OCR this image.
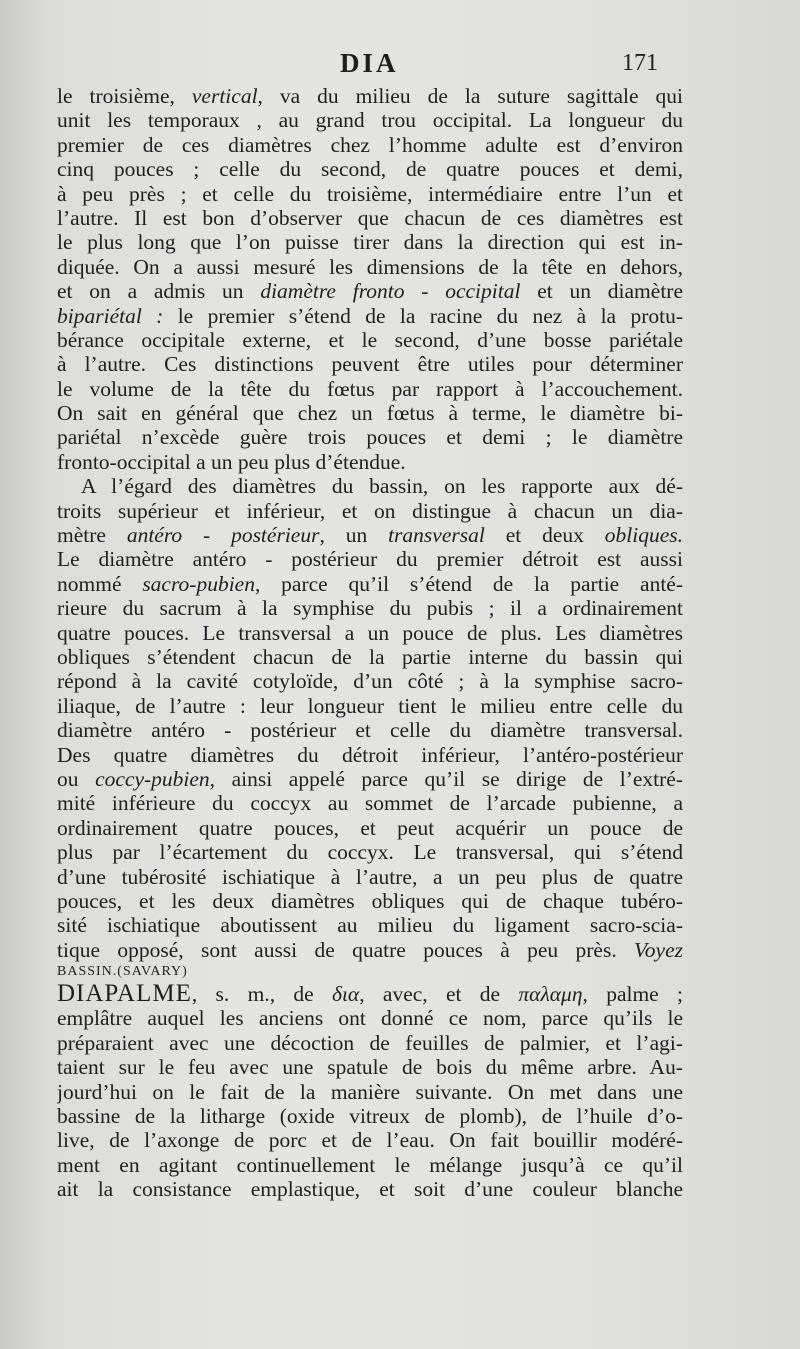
DIA	171
le troisième, vertical, va du milieu de la suture sagittale qui
unit les temporaux , au grand trou occipital. La longueur du
premier de ces diamètres chez l’homme adulte est d’environ
cinq pouces ; celle du second, de quatre pouces et demi,
à peu près ; et celle du troisième, intermédiaire entre l’un et
l’autre. Il est bon d’observer que chacun de ces diamètres est
le plus long que l’on puisse tirer dans la direction qui est in-
diquée. On a aussi mesuré les dimensions de la tête en dehors,
et on a admis un diamètre fronto - occipital et un diamètre
bipariétal : le premier s’étend de la racine du nez à la protu-
bérance occipitale externe, et le second, d’une bosse pariétale
à l’autre. Ces distinctions peuvent être utiles pour déterminer
le volume de la tête du fœtus par rapport à l’accouchement.
On sait en général que chez un fœtus à terme, le diamètre bi-
pariétal n’excède guère trois pouces et demi ; le diamètre
fronto-occipital a un peu plus d’étendue.
A l’égard des diamètres du bassin, on les rapporte aux dé-
troits supérieur et inférieur, et on distingue à chacun un dia-
mètre antéro - postérieur, un transversal et deux obliques.
Le diamètre antéro - postérieur du premier détroit est aussi
nommé sacro-pubien, parce qu’il s’étend de la partie anté-
rieure du sacrum à la symphise du pubis ; il a ordinairement
quatre pouces. Le transversal a un pouce de plus. Les diamètres
obliques s’étendent chacun de la partie interne du bassin qui
répond à la cavité cotyloïde, d’un côté ; à la symphise sacro-
iliaque, de l’autre : leur longueur tient le milieu entre celle du
diamètre antéro - postérieur et celle du diamètre transversal.
Des quatre diamètres du détroit inférieur, l’antéro-postérieur
ou coccy-pubien, ainsi appelé parce qu’il se dirige de l’extré-
mité inférieure du coccyx au sommet de l’arcade pubienne, a
ordinairement quatre pouces, et peut acquérir un pouce de
plus par l’écartement du coccyx. Le transversal, qui s’étend
d’une tubérosité ischiatique à l’autre, a un peu plus de quatre
pouces, et les deux diamètres obliques qui de chaque tubéro-
sité ischiatique aboutissent au milieu du ligament sacro-scia-
tique opposé, sont aussi de quatre pouces à peu près. Voyez
BASSIN.(SAVARY)
DIAPALME, s. m., de δια, avec, et de παλαμη, palme ;
emplâtre auquel les anciens ont donné ce nom, parce qu’ils le
préparaient avec une décoction de feuilles de palmier, et l’agi-
taient sur le feu avec une spatule de bois du même arbre. Au-
jourd’hui on le fait de la manière suivante. On met dans une
bassine de la litharge (oxide vitreux de plomb), de l’huile d’o-
live, de l’axonge de porc et de l’eau. On fait bouillir modéré-
ment en agitant continuellement le mélange jusqu’à ce qu’il
ait la consistance emplastique, et soit d’une couleur blanche
